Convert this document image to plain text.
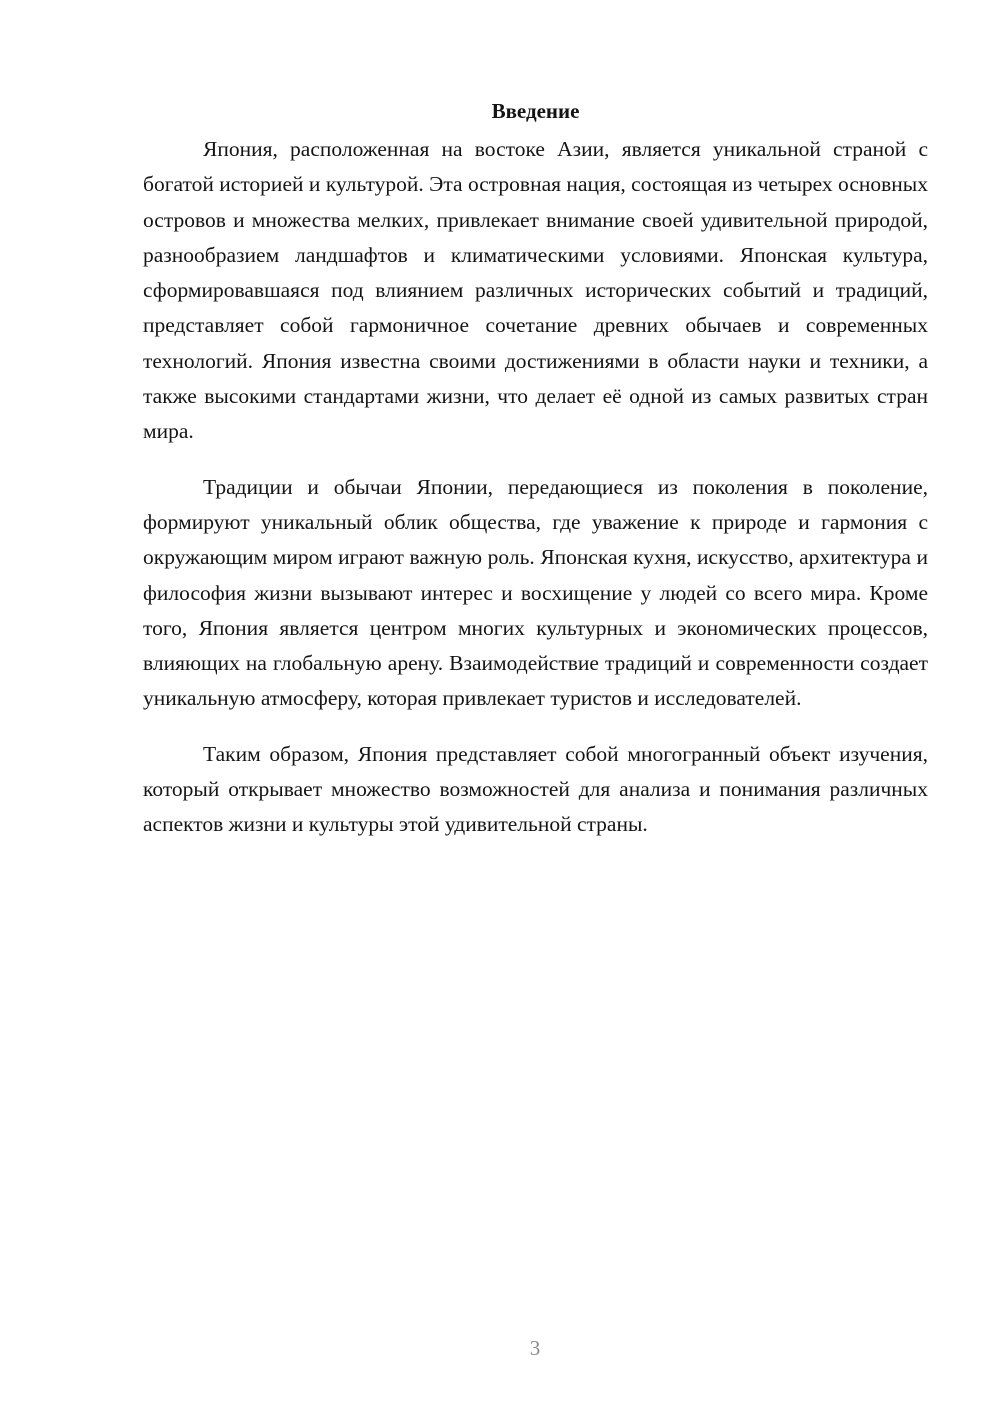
Введение

Япония, расположенная на востоке Азии, является уникальной страной с богатой историей и культурой. Эта островная нация, состоящая из четырех основных островов и множества мелких, привлекает внимание своей удивительной природой, разнообразием ландшафтов и климатическими условиями. Японская культура, сформировавшаяся под влиянием различных исторических событий и традиций, представляет собой гармоничное сочетание древних обычаев и современных технологий. Япония известна своими достижениями в области науки и техники, а также высокими стандартами жизни, что делает её одной из самых развитых стран мира.

Традиции и обычаи Японии, передающиеся из поколения в поколение, формируют уникальный облик общества, где уважение к природе и гармония с окружающим миром играют важную роль. Японская кухня, искусство, архитектура и философия жизни вызывают интерес и восхищение у людей со всего мира. Кроме того, Япония является центром многих культурных и экономических процессов, влияющих на глобальную арену. Взаимодействие традиций и современности создает уникальную атмосферу, которая привлекает туристов и исследователей.

Таким образом, Япония представляет собой многогранный объект изучения, который открывает множество возможностей для анализа и понимания различных аспектов жизни и культуры этой удивительной страны.

3
